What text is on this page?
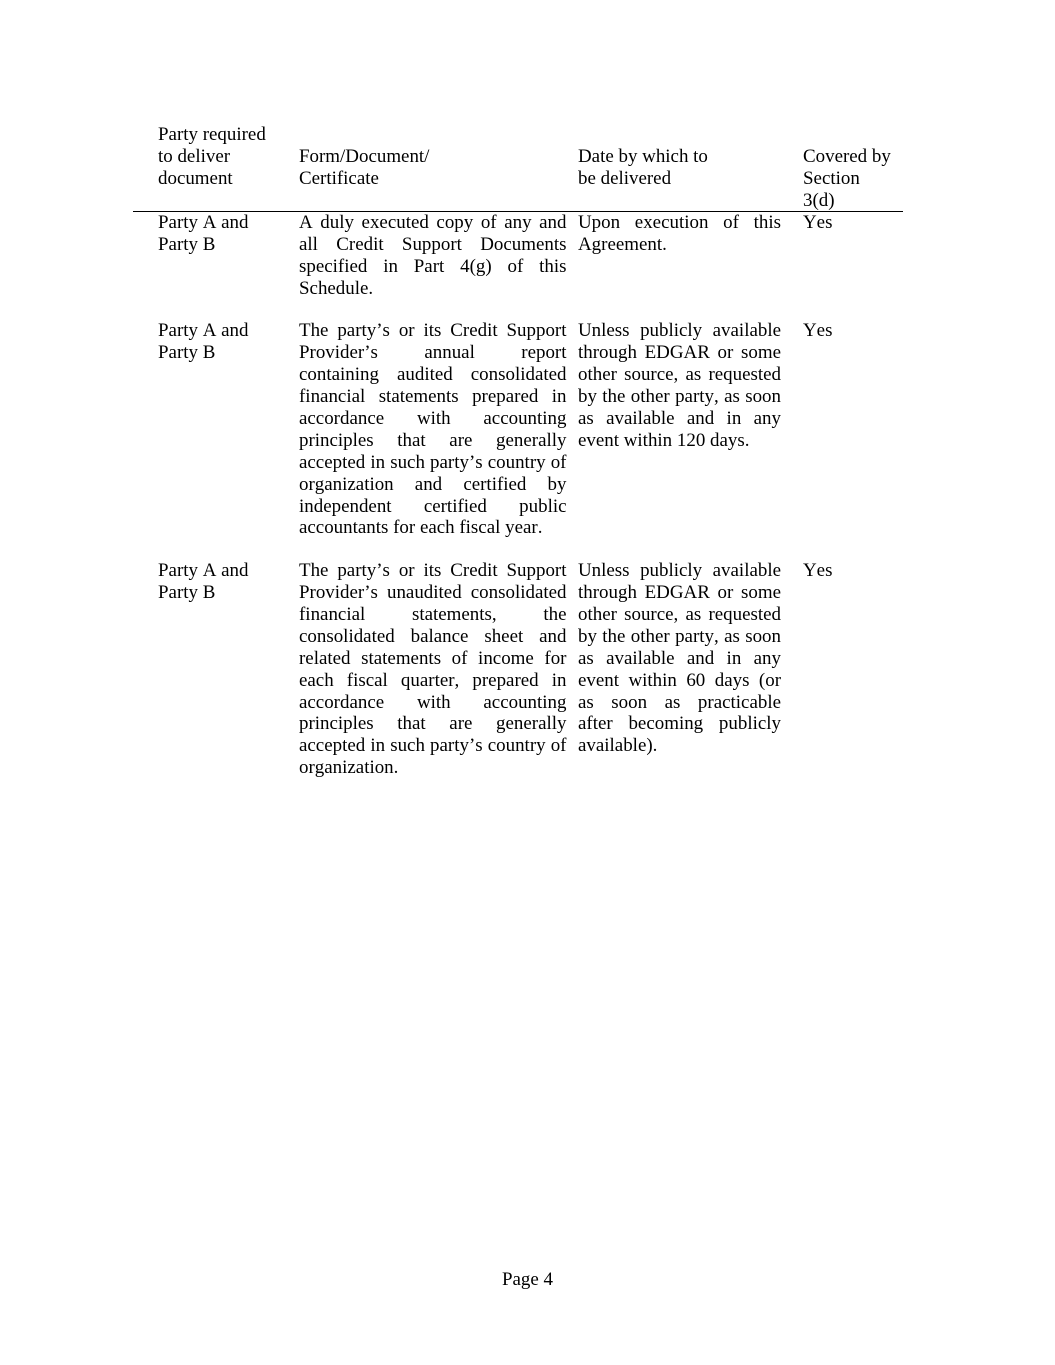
Party required to deliver document
Form/Document/
Certificate
Date by which to
be delivered
Covered by Section 3(d)
Party A and Party B
A duly executed copy of any and all Credit Support Documents specified in Part 4(g) of this Schedule.
Upon execution of this Agreement.
Yes
Party A and Party B
The party’s or its Credit Support Provider’s annual report containing audited consolidated financial statements prepared in accordance with accounting principles that are generally accepted in such party’s country of organization and certified by independent certified public accountants for each fiscal year.
Unless publicly available through EDGAR or some other source, as requested by the other party, as soon as available and in any event within 120 days.
Yes
Party A and Party B
The party’s or its Credit Support Provider’s unaudited consolidated financial statements, the consolidated balance sheet and related statements of income for each fiscal quarter, prepared in accordance with accounting principles that are generally accepted in such party’s country of organization.
Unless publicly available through EDGAR or some other source, as requested by the other party, as soon as available and in any event within 60 days (or as soon as practicable after becoming publicly available).
Yes
Page 4
